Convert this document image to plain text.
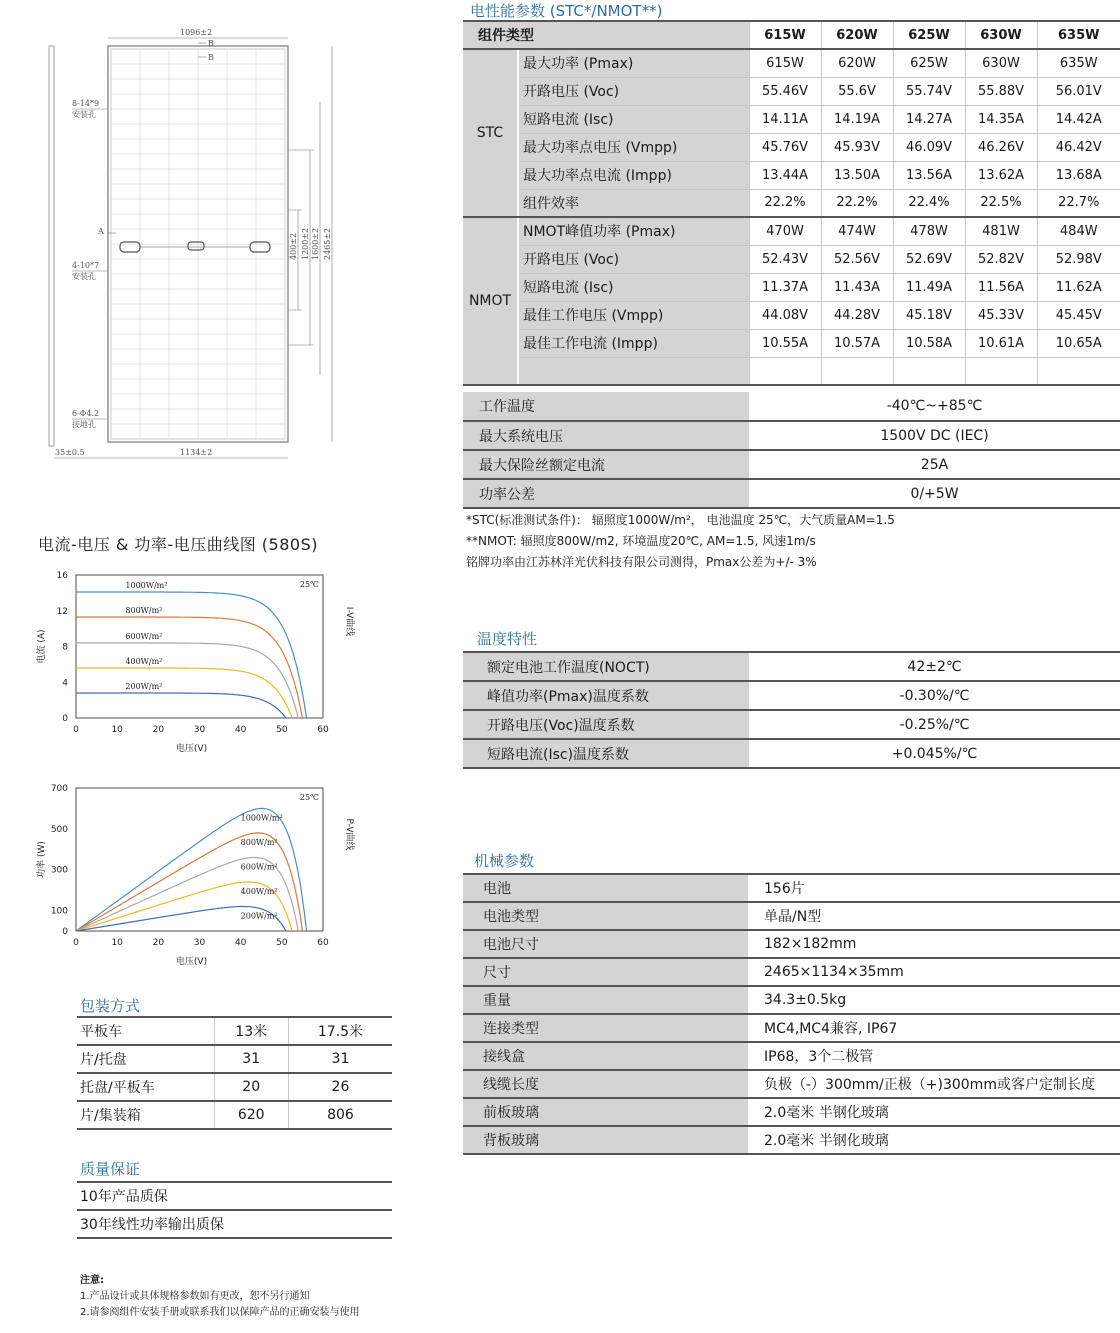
1096±2
B
B
1134±2
35±0.5
400±2 1200±2 1600±2 2465±2
A
8-14*9
安装孔
4-10*7
安装孔
6-Φ4.2
接地孔
电流-电压 & 功率-电压曲线图 (580S)
0	10	20	30	40	50	60
0
4
8
12
16
电压(V)
电流 (A)
I-V曲线
25℃
1000W/m²
800W/m²
600W/m²
400W/m²
200W/m²
0	10	20	30	40	50	60
0
100
300
500
700
电压(V)
功率 (W)
P-V曲线
25℃
1000W/m²
800W/m²
600W/m²
400W/m²
200W/m²
电性能参数 (STC*/NMOT**)
组件类型		615W	620W	625W	630W	635W
STC	最大功率 (Pmax)	615W	620W	625W	630W	635W
	开路电压 (Voc)	55.46V	55.6V	55.74V	55.88V	56.01V
	短路电流 (Isc)	14.11A	14.19A	14.27A	14.35A	14.42A
	最大功率点电压 (Vmpp)	45.76V	45.93V	46.09V	46.26V	46.42V
	最大功率点电流 (Impp)	13.44A	13.50A	13.56A	13.62A	13.68A
	组件效率	22.2%	22.2%	22.4%	22.5%	22.7%
NMOT	NMOT峰值功率 (Pmax)	470W	474W	478W	481W	484W
	开路电压 (Voc)	52.43V	52.56V	52.69V	52.82V	52.98V
	短路电流 (Isc)	11.37A	11.43A	11.49A	11.56A	11.62A
	最佳工作电压 (Vmpp)	44.08V	44.28V	45.18V	45.33V	45.45V
	最佳工作电流 (Impp)	10.55A	10.57A	10.58A	10.61A	10.65A

工作温度	-40℃~+85℃
最大系统电压	1500V DC (IEC)
最大保险丝额定电流	25A
功率公差	0/+5W
*STC(标准测试条件)： 辐照度1000W/m²， 电池温度 25℃，大气质量AM=1.5
**NMOT: 辐照度800W/m2, 环境温度20℃, AM=1.5, 风速1m/s
铭牌功率由江苏林洋光伏科技有限公司测得，Pmax公差为+/- 3%
温度特性
额定电池工作温度(NOCT)	42±2℃
峰值功率(Pmax)温度系数	-0.30%/℃
开路电压(Voc)温度系数	-0.25%/℃
短路电流(Isc)温度系数	+0.045%/℃
机械参数
电池	156片
电池类型	单晶/N型
电池尺寸	182×182mm
尺寸	2465×1134×35mm
重量	34.3±0.5kg
连接类型	MC4,MC4兼容, IP67
接线盒	IP68，3个二极管
线缆长度	负极（-）300mm/正极（+)300mm或客户定制长度
前板玻璃	2.0毫米 半钢化玻璃
背板玻璃	2.0毫米 半钢化玻璃
包装方式
平板车	13米	17.5米
片/托盘	31	31
托盘/平板车	20	26
片/集装箱	620	806
质量保证
10年产品质保
30年线性功率输出质保
注意:
1.产品设计或具体规格参数如有更改，恕不另行通知
2.请参阅组件安装手册或联系我们以保障产品的正确安装与使用
